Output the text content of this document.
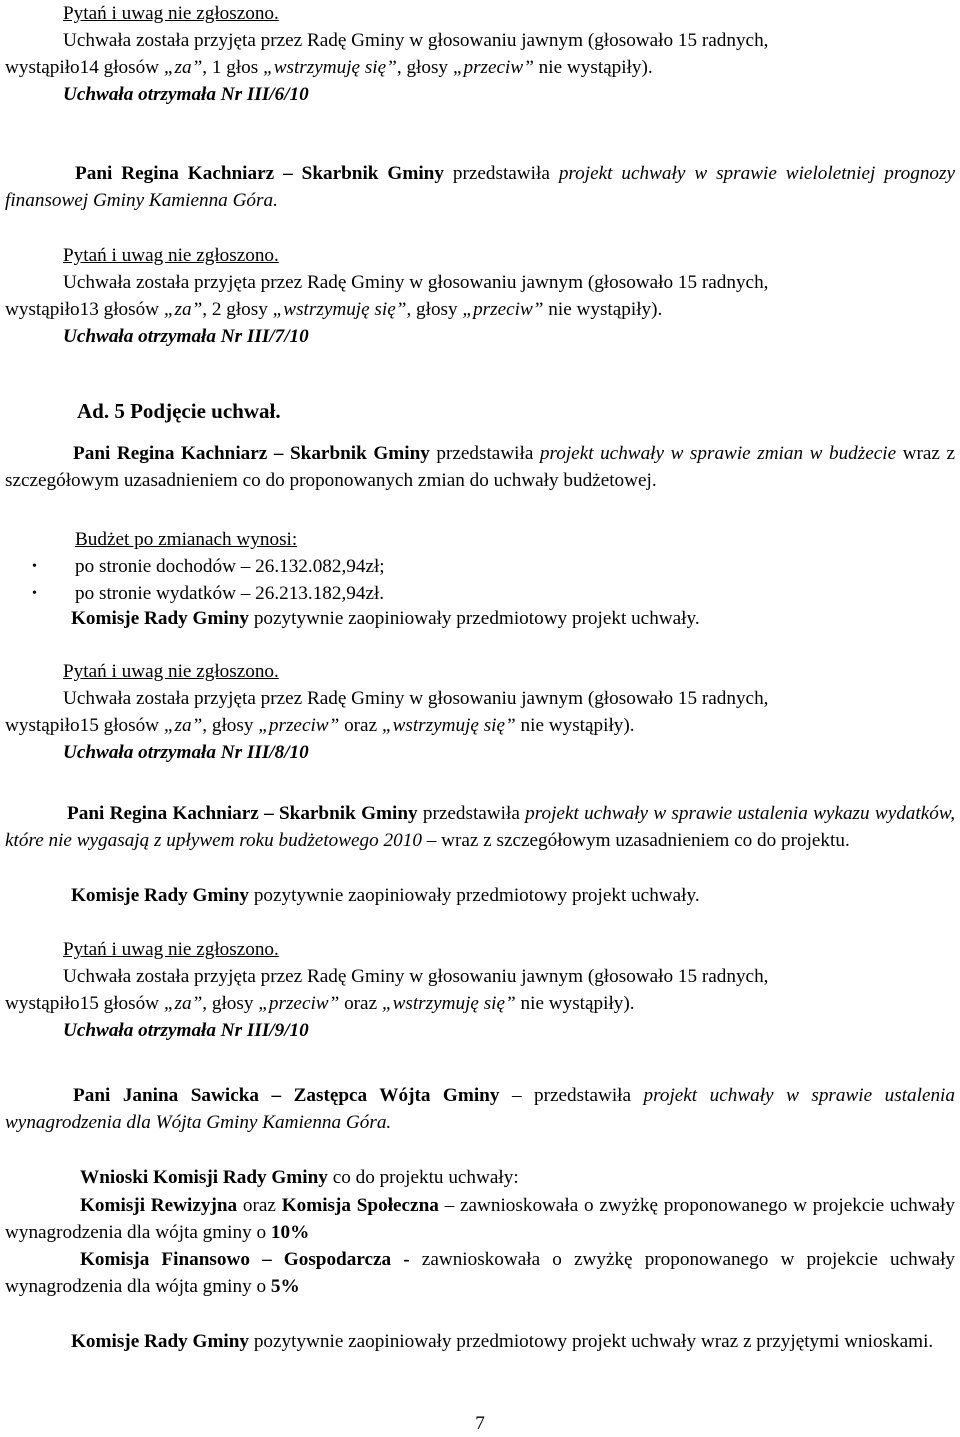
Pytań i uwag nie zgłoszono.
Uchwała została przyjęta przez Radę Gminy w głosowaniu jawnym (głosowało 15 radnych,
wystąpiło14 głosów „za”, 1 głos „wstrzymuję się”, głosy „przeciw” nie wystąpiły).
Uchwała otrzymała Nr III/6/10
Pani Regina Kachniarz – Skarbnik Gminy przedstawiła projekt uchwały w sprawie wieloletniej prognozy finansowej Gminy Kamienna Góra.
Pytań i uwag nie zgłoszono.
Uchwała została przyjęta przez Radę Gminy w głosowaniu jawnym (głosowało 15 radnych,
wystąpiło13 głosów „za”, 2 głosy „wstrzymuję się”, głosy „przeciw” nie wystąpiły).
Uchwała otrzymała Nr III/7/10
Ad. 5 Podjęcie uchwał.
Pani Regina Kachniarz – Skarbnik Gminy przedstawiła projekt uchwały w sprawie zmian w budżecie wraz z szczegółowym uzasadnieniem co do proponowanych zmian do uchwały budżetowej.
Budżet po zmianach wynosi:
•	po stronie dochodów – 26.132.082,94zł;
•	po stronie wydatków – 26.213.182,94zł.
Komisje Rady Gminy pozytywnie zaopiniowały przedmiotowy projekt uchwały.
Pytań i uwag nie zgłoszono.
Uchwała została przyjęta przez Radę Gminy w głosowaniu jawnym (głosowało 15 radnych,
wystąpiło15 głosów „za”, głosy „przeciw” oraz „wstrzymuję się” nie wystąpiły).
Uchwała otrzymała Nr III/8/10
Pani Regina Kachniarz – Skarbnik Gminy przedstawiła projekt uchwały w sprawie ustalenia wykazu wydatków, które nie wygasają z upływem roku budżetowego 2010 – wraz z szczegółowym uzasadnieniem co do projektu.
Komisje Rady Gminy pozytywnie zaopiniowały przedmiotowy projekt uchwały.
Pytań i uwag nie zgłoszono.
Uchwała została przyjęta przez Radę Gminy w głosowaniu jawnym (głosowało 15 radnych,
wystąpiło15 głosów „za”, głosy „przeciw” oraz „wstrzymuję się” nie wystąpiły).
Uchwała otrzymała Nr III/9/10
Pani Janina Sawicka – Zastępca Wójta Gminy – przedstawiła projekt uchwały w sprawie ustalenia wynagrodzenia dla Wójta Gminy Kamienna Góra.
Wnioski Komisji Rady Gminy co do projektu uchwały:
Komisji Rewizyjna oraz Komisja Społeczna – zawnioskowała o zwyżkę proponowanego w projekcie uchwały wynagrodzenia dla wójta gminy o 10%
Komisja Finansowo – Gospodarcza - zawnioskowała o zwyżkę proponowanego w projekcie uchwały wynagrodzenia dla wójta gminy o 5%
Komisje Rady Gminy pozytywnie zaopiniowały przedmiotowy projekt uchwały wraz z przyjętymi wnioskami.
7
